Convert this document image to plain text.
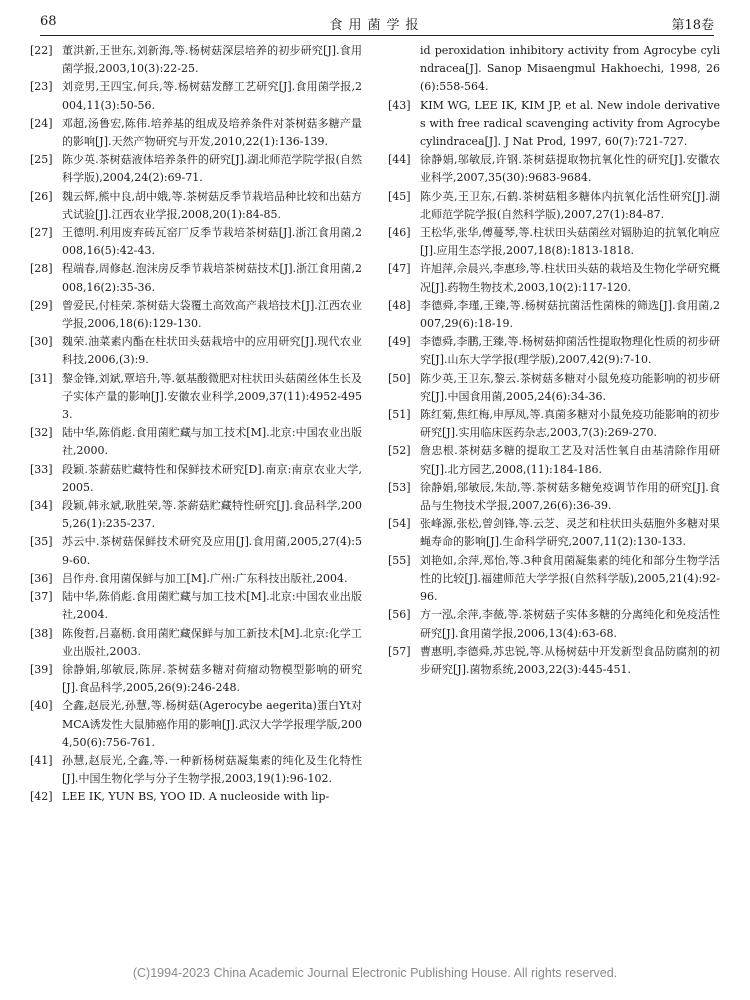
68	食用菌学报	第18卷
[22] 董洪新,王世东,刘新海,等.杨树菇深层培养的初步研究[J].食用菌学报,2003,10(3):22-25.
[23] 刘竞男,王四宝,何兵,等.杨树菇发酵工艺研究[J].食用菌学报,2004,11(3):50-56.
[24] 邓超,汤鲁宏,陈伟.培养基的组成及培养条件对茶树菇多糖产量的影响[J].天然产物研究与开发,2010,22(1):136-139.
[25] 陈少英.茶树菇液体培养条件的研究[J].湖北师范学院学报(自然科学版),2004,24(2):69-71.
[26] 魏云辉,熊中良,胡中娥,等.茶树菇反季节栽培品种比较和出菇方式试验[J].江西农业学报,2008,20(1):84-85.
[27] 王德明.利用废弃砖瓦窑厂反季节栽培茶树菇[J].浙江食用菌,2008,16(5):42-43.
[28] 程端春,周修赵.泡沫房反季节栽培茶树菇技术[J].浙江食用菌,2008,16(2):35-36.
[29] 曾爱民,付桂荣.茶树菇大袋覆土高效高产栽培技术[J].江西农业学报,2006,18(6):129-130.
[30] 魏荣.油菜素内酯在柱状田头菇栽培中的应用研究[J].现代农业科技,2006,(3):9.
[31] 黎金锋,刘斌,覃培升,等.氨基酸微肥对柱状田头菇菌丝体生长及子实体产量的影响[J].安徽农业科学,2009,37(11):4952-4953.
[32] 陆中华,陈俏彪.食用菌贮藏与加工技术[M].北京:中国农业出版社,2000.
[33] 段颖.茶薪菇贮藏特性和保鲜技术研究[D].南京:南京农业大学,2005.
[34] 段颖,韩永斌,耿胜荣,等.茶薪菇贮藏特性研究[J].食品科学,2005,26(1):235-237.
[35] 苏云中.茶树菇保鲜技术研究及应用[J].食用菌,2005,27(4):59-60.
[36] 吕作舟.食用菌保鲜与加工[M].广州:广东科技出版社,2004.
[37] 陆中华,陈俏彪.食用菌贮藏与加工技术[M].北京:中国农业出版社,2004.
[38] 陈俊哲,吕嘉枥.食用菌贮藏保鲜与加工新技术[M].北京:化学工业出版社,2003.
[39] 徐静娟,邬敏辰,陈屏.茶树菇多糖对荷瘤动物模型影响的研究[J].食品科学,2005,26(9):246-248.
[40] 仝鑫,赵辰光,孙慧,等.杨树菇(Agerocybe aegerita)蛋白Yt对MCA诱发性大鼠肺癌作用的影响[J].武汉大学学报理学版,2004,50(6):756-761.
[41] 孙慧,赵辰光,仝鑫,等.一种新杨树菇凝集素的纯化及生化特性[J].中国生物化学与分子生物学报,2003,19(1):96-102.
[42] LEE IK, YUN BS, YOO ID. A nucleoside with lip-
id peroxidation inhibitory activity from Agrocybe cylindracea[J]. Sanop Misaengmul Hakhoechi, 1998, 26(6):558-564.
[43] KIM WG, LEE IK, KIM JP, et al. New indole derivatives with free radical scavenging activity from Agrocybe cylindracea[J]. J Nat Prod, 1997, 60(7):721-727.
[44] 徐静娟,邬敏辰,许钢.茶树菇提取物抗氧化性的研究[J].安徽农业科学,2007,35(30):9683-9684.
[45] 陈少英,王卫东,石鹤.茶树菇粗多糖体内抗氧化活性研究[J].湖北师范学院学报(自然科学版),2007,27(1):84-87.
[46] 王松华,张华,傅蔓琴,等.柱状田头菇菌丝对镉胁迫的抗氧化响应[J].应用生态学报,2007,18(8):1813-1818.
[47] 许旭萍,佘晨兴,李惠珍,等.柱状田头菇的栽培及生物化学研究概况[J].药物生物技术,2003,10(2):117-120.
[48] 李德舜,李瑾,王臻,等.杨树菇抗菌活性菌株的筛选[J].食用菌,2007,29(6):18-19.
[49] 李德舜,李鹏,王臻,等.杨树菇抑菌活性提取物理化性质的初步研究[J].山东大学学报(理学版),2007,42(9):7-10.
[50] 陈少英,王卫东,黎云.茶树菇多糖对小鼠免疫功能影响的初步研究[J].中国食用菌,2005,24(6):34-36.
[51] 陈红菊,焦红梅,申厚凤,等.真菌多糖对小鼠免疫功能影响的初步研究[J].实用临床医药杂志,2003,7(3):269-270.
[52] 詹忠根.茶树菇多糖的提取工艺及对活性氧自由基清除作用研究[J].北方园艺,2008,(11):184-186.
[53] 徐静娟,邬敏辰,朱劼,等.茶树菇多糖免疫调节作用的研究[J].食品与生物技术学报,2007,26(6):36-39.
[54] 张峰源,张松,曾剑锋,等.云芝、灵芝和柱状田头菇胞外多糖对果蝇寿命的影响[J].生命科学研究,2007,11(2):130-133.
[55] 刘艳如,余萍,郑怡,等.3种食用菌凝集素的纯化和部分生物学活性的比较[J].福建师范大学学报(自然科学版),2005,21(4):92-96.
[56] 方一泓,余萍,李薇,等.茶树菇子实体多糖的分离纯化和免疫活性研究[J].食用菌学报,2006,13(4):63-68.
[57] 曹惠明,李德舜,苏忠锐,等.从杨树菇中开发新型食品防腐剂的初步研究[J].菌物系统,2003,22(3):445-451.
(C)1994-2023 China Academic Journal Electronic Publishing House. All rights reserved.
